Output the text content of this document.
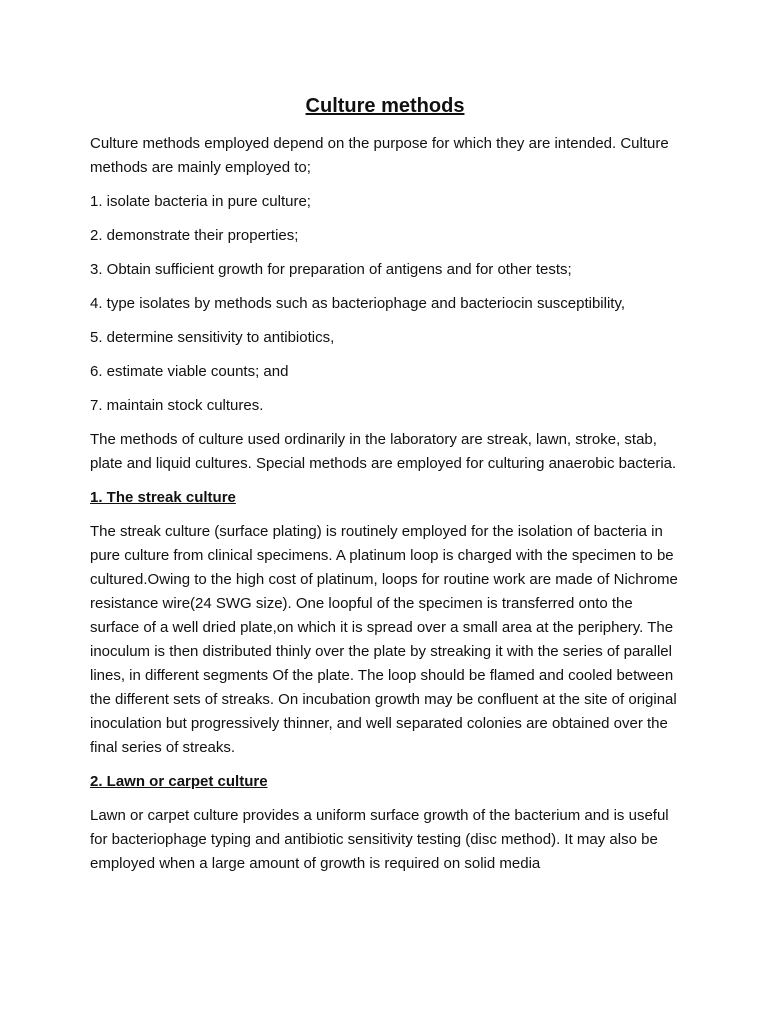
Culture methods

Culture methods employed depend on the purpose for which they are intended. Culture methods are mainly employed to;

1. isolate bacteria in pure culture;

2. demonstrate their properties;

3. Obtain sufficient growth for preparation of antigens and for other tests;

4. type isolates by methods such as bacteriophage and bacteriocin susceptibility,

5. determine sensitivity to antibiotics,

6. estimate viable counts; and

7. maintain stock cultures.

The methods of culture used ordinarily in the laboratory are streak, lawn, stroke, stab, plate and liquid cultures. Special methods are employed for culturing anaerobic bacteria.

1. The streak culture

The streak culture (surface plating) is routinely employed for the isolation of bacteria in pure culture from clinical specimens. A platinum loop is charged with the specimen to be cultured.Owing to the high cost of platinum, loops for routine work are made of Nichrome resistance wire(24 SWG size). One loopful of the specimen is transferred onto the surface of a well dried plate,on which it is spread over a small area at the periphery. The inoculum is then distributed thinly over the plate by streaking it with the series of parallel lines, in different segments Of the plate. The loop should be flamed and cooled between the different sets of streaks. On incubation growth may be confluent at the site of original inoculation but progressively thinner, and well separated colonies are obtained over the final series of streaks.

2. Lawn or carpet culture

Lawn or carpet culture provides a uniform surface growth of the bacterium and is useful for bacteriophage typing and antibiotic sensitivity testing (disc method). It may also be employed when a large amount of growth is required on solid media
